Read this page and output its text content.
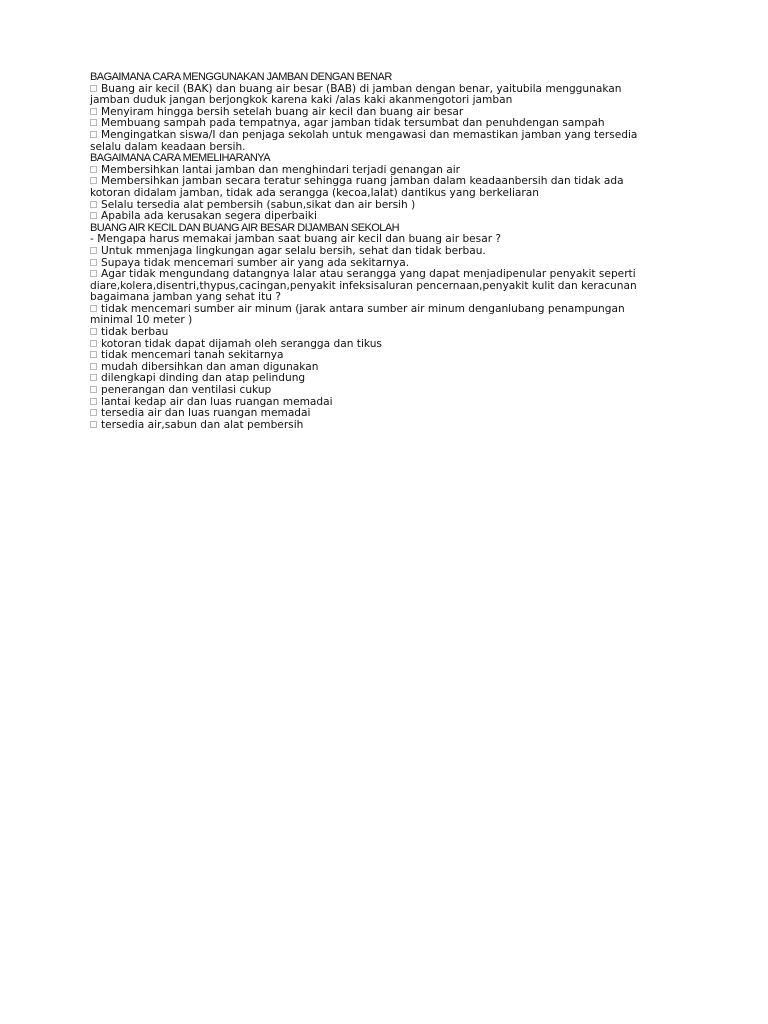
BAGAIMANA CARA MENGGUNAKAN JAMBAN DENGAN BENAR
Buang air kecil (BAK) dan buang air besar (BAB) di jamban dengan benar, yaitubila menggunakan
jamban duduk jangan berjongkok karena kaki /alas kaki akanmengotori jamban
Menyiram hingga bersih setelah buang air kecil dan buang air besar
Membuang sampah pada tempatnya, agar jamban tidak tersumbat dan penuhdengan sampah
Mengingatkan siswa/I dan penjaga sekolah untuk mengawasi dan memastikan jamban yang tersedia
selalu dalam keadaan bersih.
BAGAIMANA CARA MEMELIHARANYA
Membersihkan lantai jamban dan menghindari terjadi genangan air
Membersihkan jamban secara teratur sehingga ruang jamban dalam keadaanbersih dan tidak ada
kotoran didalam jamban, tidak ada serangga (kecoa,lalat) dantikus yang berkeliaran
Selalu tersedia alat pembersih (sabun,sikat dan air bersih )
Apabila ada kerusakan segera diperbaiki
BUANG AIR KECIL DAN BUANG AIR BESAR DIJAMBAN SEKOLAH
- Mengapa harus memakai jamban saat buang air kecil dan buang air besar ?
Untuk mmenjaga lingkungan agar selalu bersih, sehat dan tidak berbau.
Supaya tidak mencemari sumber air yang ada sekitarnya.
Agar tidak mengundang datangnya lalar atau serangga yang dapat menjadipenular penyakit seperti
diare,kolera,disentri,thypus,cacingan,penyakit infeksisaluran pencernaan,penyakit kulit dan keracunan
bagaimana jamban yang sehat itu ?
tidak mencemari sumber air minum (jarak antara sumber air minum denganlubang penampungan
minimal 10 meter )
tidak berbau
kotoran tidak dapat dijamah oleh serangga dan tikus
tidak mencemari tanah sekitarnya
mudah dibersihkan dan aman digunakan
dilengkapi dinding dan atap pelindung
penerangan dan ventilasi cukup
lantai kedap air dan luas ruangan memadai
tersedia air dan luas ruangan memadai
tersedia air,sabun dan alat pembersih
